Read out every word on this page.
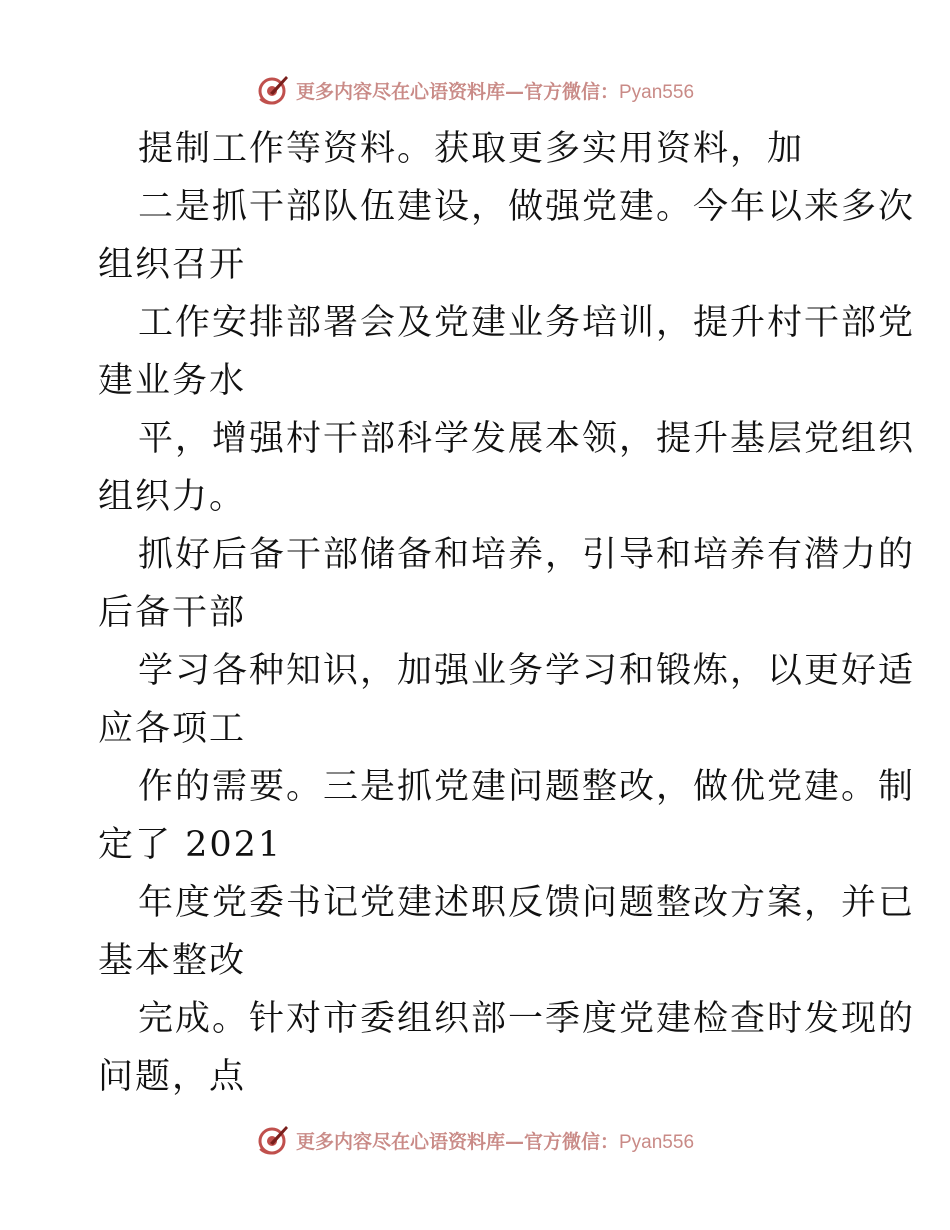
更多内容尽在心语资料库—官方微信：Pyan556
提制工作等资料。获取更多实用资料，加
二是抓干部队伍建设，做强党建。今年以来多次
组织召开
工作安排部署会及党建业务培训，提升村干部党
建业务水
平，增强村干部科学发展本领，提升基层党组织
组织力。
抓好后备干部储备和培养，引导和培养有潜力的
后备干部
学习各种知识，加强业务学习和锻炼，以更好适
应各项工
作的需要。三是抓党建问题整改，做优党建。制
定了 2021
年度党委书记党建述职反馈问题整改方案，并已
基本整改
完成。针对市委组织部一季度党建检查时发现的
问题，点
更多内容尽在心语资料库—官方微信：Pyan556
